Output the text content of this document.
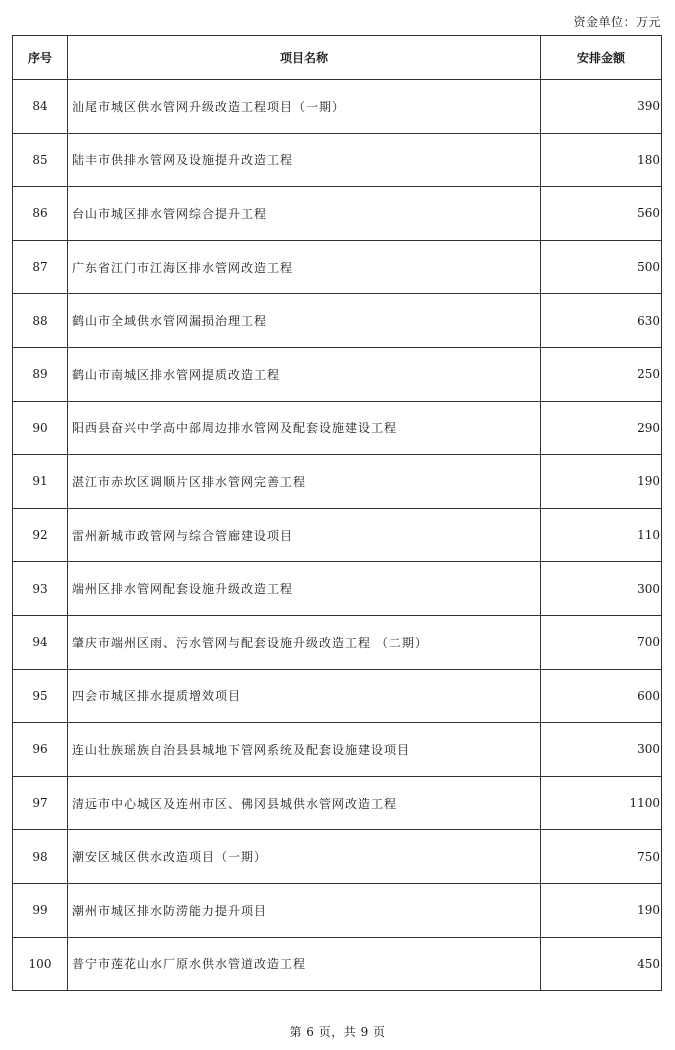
资金单位：万元
序号	项目名称	安排金额
84	汕尾市城区供水管网升级改造工程项目（一期）	390
85	陆丰市供排水管网及设施提升改造工程	180
86	台山市城区排水管网综合提升工程	560
87	广东省江门市江海区排水管网改造工程	500
88	鹤山市全域供水管网漏损治理工程	630
89	鹤山市南城区排水管网提质改造工程	250
90	阳西县奋兴中学高中部周边排水管网及配套设施建设工程	290
91	湛江市赤坎区调顺片区排水管网完善工程	190
92	雷州新城市政管网与综合管廊建设项目	110
93	端州区排水管网配套设施升级改造工程	300
94	肇庆市端州区雨、污水管网与配套设施升级改造工程 （二期）	700
95	四会市城区排水提质增效项目	600
96	连山壮族瑶族自治县县城地下管网系统及配套设施建设项目	300
97	清远市中心城区及连州市区、佛冈县城供水管网改造工程	1100
98	潮安区城区供水改造项目（一期）	750
99	潮州市城区排水防涝能力提升项目	190
100	普宁市莲花山水厂原水供水管道改造工程	450
第 6 页，共 9 页
